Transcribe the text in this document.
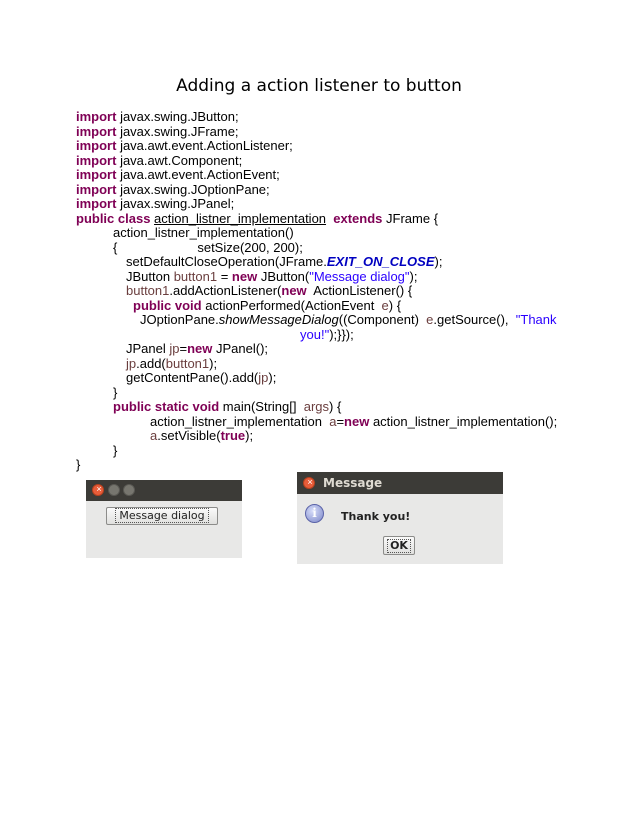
Adding a action listener to button
import javax.swing.JButton;
import javax.swing.JFrame;
import java.awt.event.ActionListener;
import java.awt.Component;
import java.awt.event.ActionEvent;
import javax.swing.JOptionPane;
import javax.swing.JPanel;
public class action_listner_implementation extends JFrame {
action_listner_implementation()
{	setSize(200, 200);
setDefaultCloseOperation(JFrame.EXIT_ON_CLOSE);
JButton button1 = new JButton("Message dialog");
button1.addActionListener(new  ActionListener() {
public void actionPerformed(ActionEvent  e) {
JOptionPane.showMessageDialog((Component)  e.getSource(),  "Thank
you!");}});
JPanel jp=new JPanel();
jp.add(button1);
getContentPane().add(jp);
}
public static void main(String[]  args) {
action_listner_implementation  a=new action_listner_implementation();
a.setVisible(true);
}
}
×
Message dialog
× Message
i	Thank you!
OK
